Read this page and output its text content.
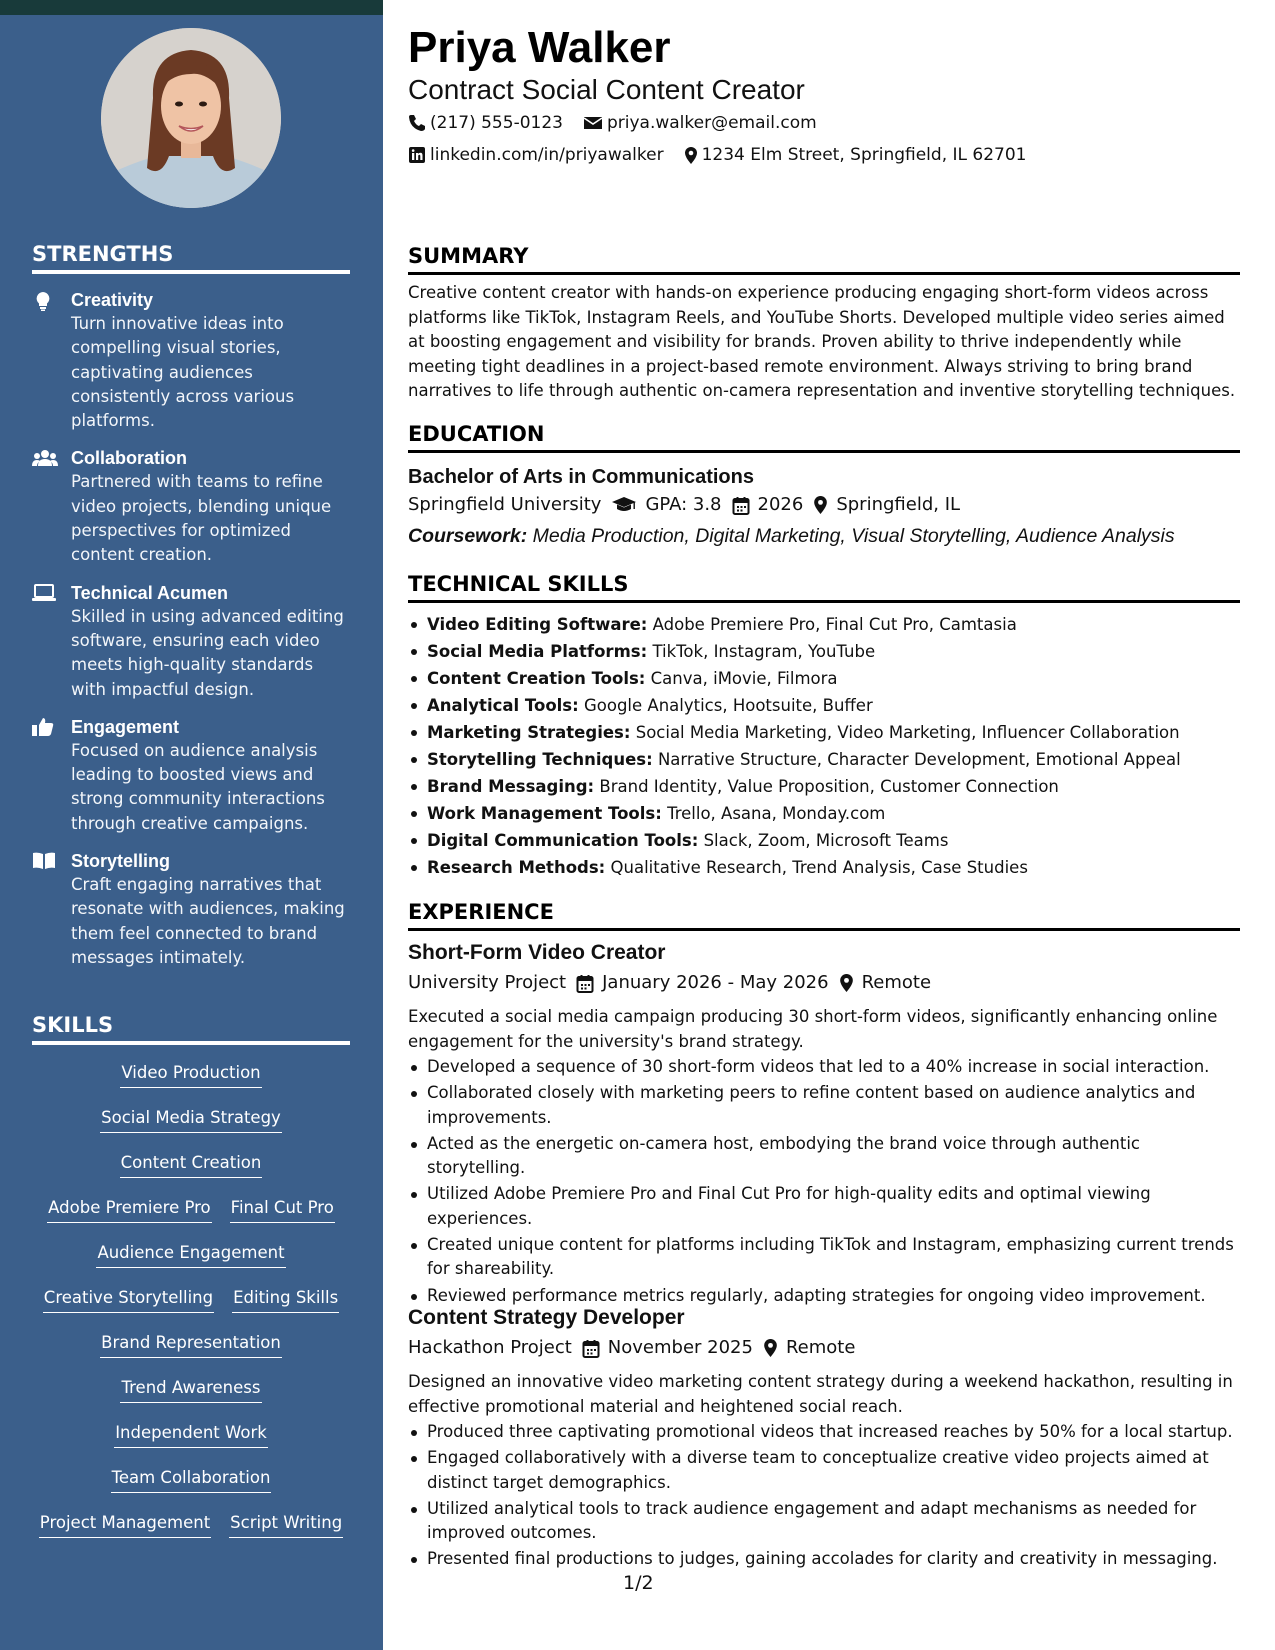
STRENGTHS
Creativity
Turn innovative ideas into compelling visual stories, captivating audiences consistently across various platforms.
Collaboration
Partnered with teams to refine video projects, blending unique perspectives for optimized content creation.
Technical Acumen
Skilled in using advanced editing software, ensuring each video meets high-quality standards with impactful design.
Engagement
Focused on audience analysis leading to boosted views and strong community interactions through creative campaigns.
Storytelling
Craft engaging narratives that resonate with audiences, making them feel connected to brand messages intimately.
SKILLS
Video Production
Social Media Strategy
Content Creation
Adobe Premiere Pro Final Cut Pro
Audience Engagement
Creative Storytelling Editing Skills
Brand Representation
Trend Awareness
Independent Work
Team Collaboration
Project Management Script Writing
Priya Walker
Contract Social Content Creator
(217) 555-0123	priya.walker@email.com
linkedin.com/in/priyawalker 1234 Elm Street, Springfield, IL 62701
SUMMARY
Creative content creator with hands-on experience producing engaging short-form videos across platforms like TikTok, Instagram Reels, and YouTube Shorts. Developed multiple video series aimed at boosting engagement and visibility for brands. Proven ability to thrive independently while meeting tight deadlines in a project-based remote environment. Always striving to bring brand narratives to life through authentic on-camera representation and inventive storytelling techniques.
EDUCATION
Bachelor of Arts in Communications
Springfield University GPA: 3.8 2026 Springfield, IL
Coursework: Media Production, Digital Marketing, Visual Storytelling, Audience Analysis
TECHNICAL SKILLS
Video Editing Software: Adobe Premiere Pro, Final Cut Pro, Camtasia
Social Media Platforms: TikTok, Instagram, YouTube
Content Creation Tools: Canva, iMovie, Filmora
Analytical Tools: Google Analytics, Hootsuite, Buffer
Marketing Strategies: Social Media Marketing, Video Marketing, Influencer Collaboration
Storytelling Techniques: Narrative Structure, Character Development, Emotional Appeal
Brand Messaging: Brand Identity, Value Proposition, Customer Connection
Work Management Tools: Trello, Asana, Monday.com
Digital Communication Tools: Slack, Zoom, Microsoft Teams
Research Methods: Qualitative Research, Trend Analysis, Case Studies
EXPERIENCE
Short-Form Video Creator
University Project January 2026 - May 2026 Remote
Executed a social media campaign producing 30 short-form videos, significantly enhancing online engagement for the university's brand strategy.
Developed a sequence of 30 short-form videos that led to a 40% increase in social interaction.
Collaborated closely with marketing peers to refine content based on audience analytics and improvements.
Acted as the energetic on-camera host, embodying the brand voice through authentic storytelling.
Utilized Adobe Premiere Pro and Final Cut Pro for high-quality edits and optimal viewing experiences.
Created unique content for platforms including TikTok and Instagram, emphasizing current trends for shareability.
Reviewed performance metrics regularly, adapting strategies for ongoing video improvement.
Content Strategy Developer
Hackathon Project November 2025 Remote
Designed an innovative video marketing content strategy during a weekend hackathon, resulting in effective promotional material and heightened social reach.
Produced three captivating promotional videos that increased reaches by 50% for a local startup.
Engaged collaboratively with a diverse team to conceptualize creative video projects aimed at distinct target demographics.
Utilized analytical tools to track audience engagement and adapt mechanisms as needed for improved outcomes.
Presented final productions to judges, gaining accolades for clarity and creativity in messaging.
1/2
